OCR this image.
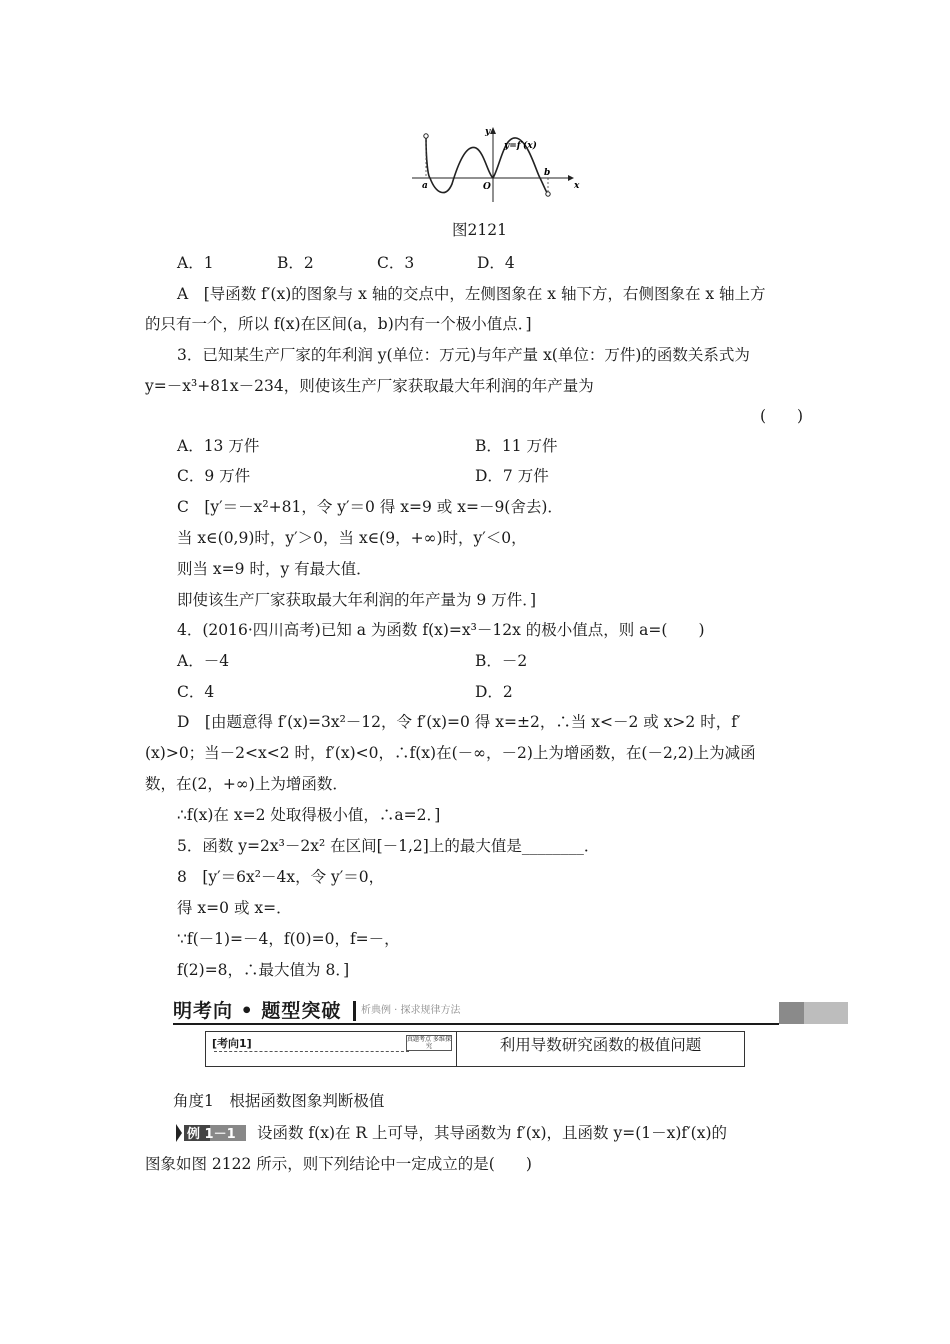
y=f′(x)
y
x
O
a
b
图2121
A．1	B．2	C．3	D．4
A　[导函数 f′(x)的图象与 x 轴的交点中，左侧图象在 x 轴下方，右侧图象在 x 轴上方
的只有一个，所以 f(x)在区间(a，b)内有一个极小值点．]
3．已知某生产厂家的年利润 y(单位：万元)与年产量 x(单位：万件)的函数关系式为
y=－x³+81x－234，则使该生产厂家获取最大年利润的年产量为
(　　)
A．13 万件	B．11 万件
C．9 万件	D．7 万件
C　[y′＝－x²+81，令 y′＝0 得 x=9 或 x=－9(舍去)．
当 x∈(0,9)时，y′＞0，当 x∈(9，+∞)时，y′＜0，
则当 x=9 时，y 有最大值．
即使该生产厂家获取最大年利润的年产量为 9 万件．]
4．(2016·四川高考)已知 a 为函数 f(x)=x³－12x 的极小值点，则 a=(　　)
A．－4	B．－2
C．4	D．2
D　[由题意得 f′(x)=3x²－12，令 f′(x)=0 得 x=±2，∴当 x<－2 或 x>2 时，f′
(x)>0；当－2<x<2 时，f′(x)<0，∴f(x)在(－∞，－2)上为增函数，在(－2,2)上为减函
数，在(2，+∞)上为增函数．
∴f(x)在 x=2 处取得极小值，∴a=2．]
5．函数 y=2x³－2x² 在区间[－1,2]上的最大值是________．
8　[y′＝6x²－4x，令 y′＝0，
得 x=0 或 x=．
∵f(－1)=－4，f(0)=0，f=－，
f(2)=8，∴最大值为 8．]
明考向 • 题型突破 析典例 · 探求规律方法
[考向1]	真题考点 多维探究	利用导数研究函数的极值问题
角度1　根据函数图象判断极值
例 1－1 设函数 f(x)在 R 上可导，其导函数为 f′(x)，且函数 y=(1－x)f′(x)的
图象如图 2122 所示，则下列结论中一定成立的是(　　)
